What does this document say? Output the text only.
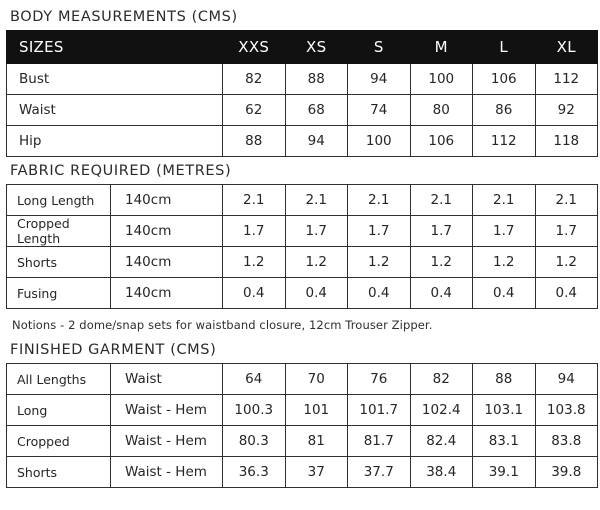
BODY MEASUREMENTS (CMS)
SIZES	XXS	XS	S	M	L	XL
Bust	82	88	94	100	106	112
Waist	62	68	74	80	86	92
Hip	88	94	100	106	112	118
FABRIC REQUIRED (METRES)
Long Length	140cm	2.1	2.1	2.1	2.1	2.1	2.1
Cropped Length	140cm	1.7	1.7	1.7	1.7	1.7	1.7
Shorts	140cm	1.2	1.2	1.2	1.2	1.2	1.2
Fusing	140cm	0.4	0.4	0.4	0.4	0.4	0.4
Notions - 2 dome/snap sets for waistband closure, 12cm Trouser Zipper.
FINISHED GARMENT (CMS)
All Lengths	Waist	64	70	76	82	88	94
Long	Waist - Hem	100.3	101	101.7	102.4	103.1	103.8
Cropped	Waist - Hem	80.3	81	81.7	82.4	83.1	83.8
Shorts	Waist - Hem	36.3	37	37.7	38.4	39.1	39.8
